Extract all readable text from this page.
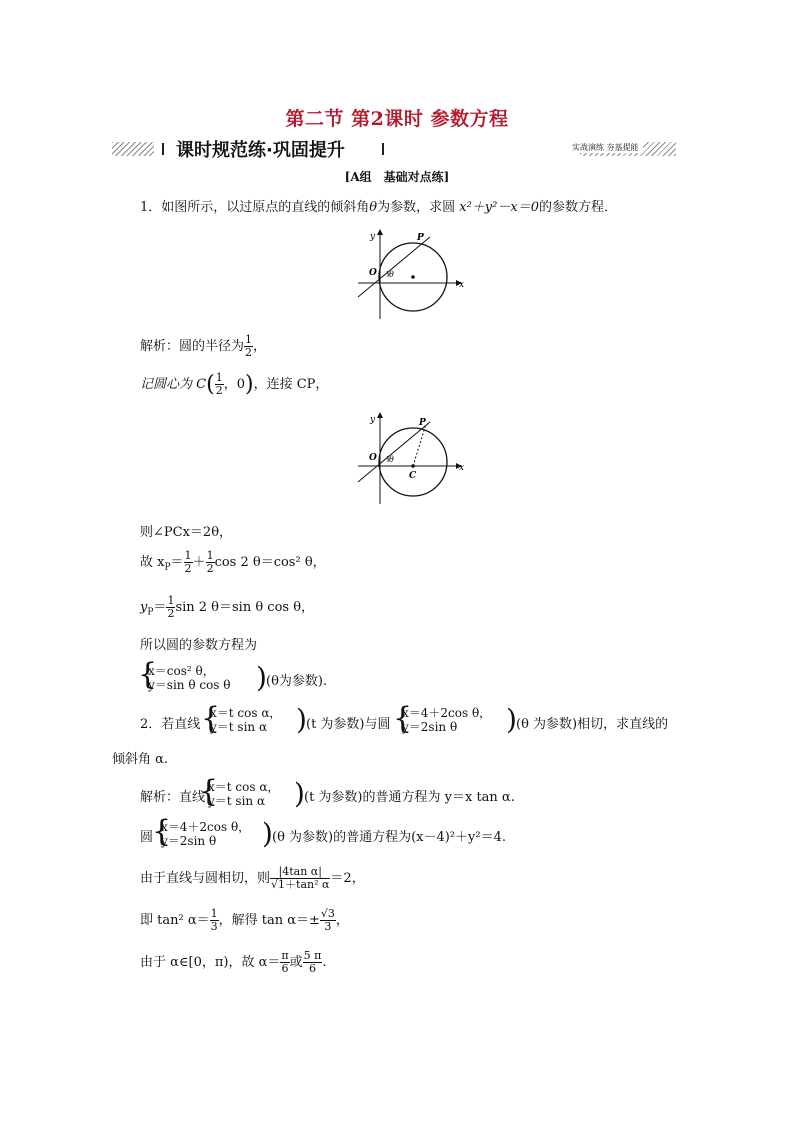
第二节 第2课时 参数方程
课时规范练·巩固提升	实战演练 夯基提能
[A组　基础对点练]
1．如图所示，以过原点的直线的倾斜角θ为参数，求圆 x²＋y²－x＝0的参数方程．
y
x
O
P
θ
解析：圆的半径为 $\frac{1}{2}$ ，
记圆心为 $C( \frac{1}{2}$ ，0)，连接 CP，
y
x
O
P
θ
C
则∠PCx＝2θ，
故 $x_P= \frac{1}{2} + \frac{1}{2}$ cos 2 θ＝cos² θ，
$y_P= \frac{1}{2}$ sin 2 θ＝sin θ cos θ，
所以圆的参数方程为
{
x＝cos² θ，
y＝sin θ cos θ ) (θ为参数).
2．若直线 {
x＝t cos α，
y＝t sin α	) (t 为参数)与圆 {
x＝4＋2cos θ，
y＝2sin θ	) (θ 为参数)相切，求直线的
倾斜角 α.
解析：直线
{
x＝t cos α，
y＝t sin α	) (t 为参数)的普通方程为 y＝x tan α.
圆
{
x＝4＋2cos θ，
y＝2sin θ	) (θ 为参数)的普通方程为(x－4)²＋y²＝4.
由于直线与圆相切，则 $\frac{\text{|4tan α|}}{\text{√1＋tan² α}} =2$，
即 tan² $\alpha= \frac{1}{3}$ ，解得 $\tan \alpha=\pm \frac{√3}{3}$ ，
由于 α∈[0，π)，故 $\alpha= \frac{\pi}{6}$ 或 $\frac{5 \pi}{6}$ .
